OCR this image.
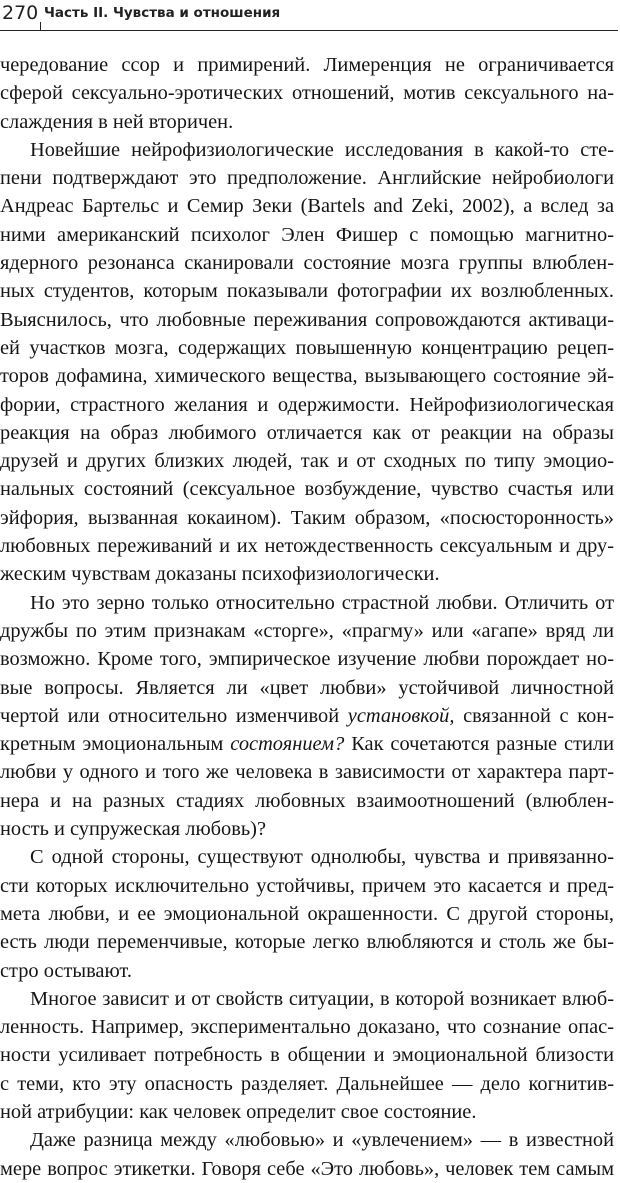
270 Часть II. Чувства и отношения
чередование ссор и примирений. Лимеренция не ограничивается
сферой сексуально-эротических отношений, мотив сексуального на-
слаждения в ней вторичен.
Новейшие нейрофизиологические исследования в какой-то сте-
пени подтверждают это предположение. Английские нейробиологи
Андреас Бартельс и Семир Зеки (Bartels and Zeki, 2002), а вслед за
ними американский психолог Элен Фишер с помощью магнитно-
ядерного резонанса сканировали состояние мозга группы влюблен-
ных студентов, которым показывали фотографии их возлюбленных.
Выяснилось, что любовные переживания сопровождаются активаци-
ей участков мозга, содержащих повышенную концентрацию рецеп-
торов дофамина, химического вещества, вызывающего состояние эй-
фории, страстного желания и одержимости. Нейрофизиологическая
реакция на образ любимого отличается как от реакции на образы
друзей и других близких людей, так и от сходных по типу эмоцио-
нальных состояний (сексуальное возбуждение, чувство счастья или
эйфория, вызванная кокаином). Таким образом, «посюсторонность»
любовных переживаний и их нетождественность сексуальным и дру-
жеским чувствам доказаны психофизиологически.
Но это зерно только относительно страстной любви. Отличить от
дружбы по этим признакам «сторге», «прагму» или «агапе» вряд ли
возможно. Кроме того, эмпирическое изучение любви порождает но-
вые вопросы. Является ли «цвет любви» устойчивой личностной
чертой или относительно изменчивой установкой, связанной с кон-
кретным эмоциональным состоянием? Как сочетаются разные стили
любви у одного и того же человека в зависимости от характера парт-
нера и на разных стадиях любовных взаимоотношений (влюблен-
ность и супружеская любовь)?
С одной стороны, существуют однолюбы, чувства и привязанно-
сти которых исключительно устойчивы, причем это касается и пред-
мета любви, и ее эмоциональной окрашенности. С другой стороны,
есть люди переменчивые, которые легко влюбляются и столь же бы-
стро остывают.
Многое зависит и от свойств ситуации, в которой возникает влюб-
ленность. Например, экспериментально доказано, что сознание опас-
ности усиливает потребность в общении и эмоциональной близости
с теми, кто эту опасность разделяет. Дальнейшее — дело когнитив-
ной атрибуции: как человек определит свое состояние.
Даже разница между «любовью» и «увлечением» — в известной
мере вопрос этикетки. Говоря себе «Это любовь», человек тем самым
